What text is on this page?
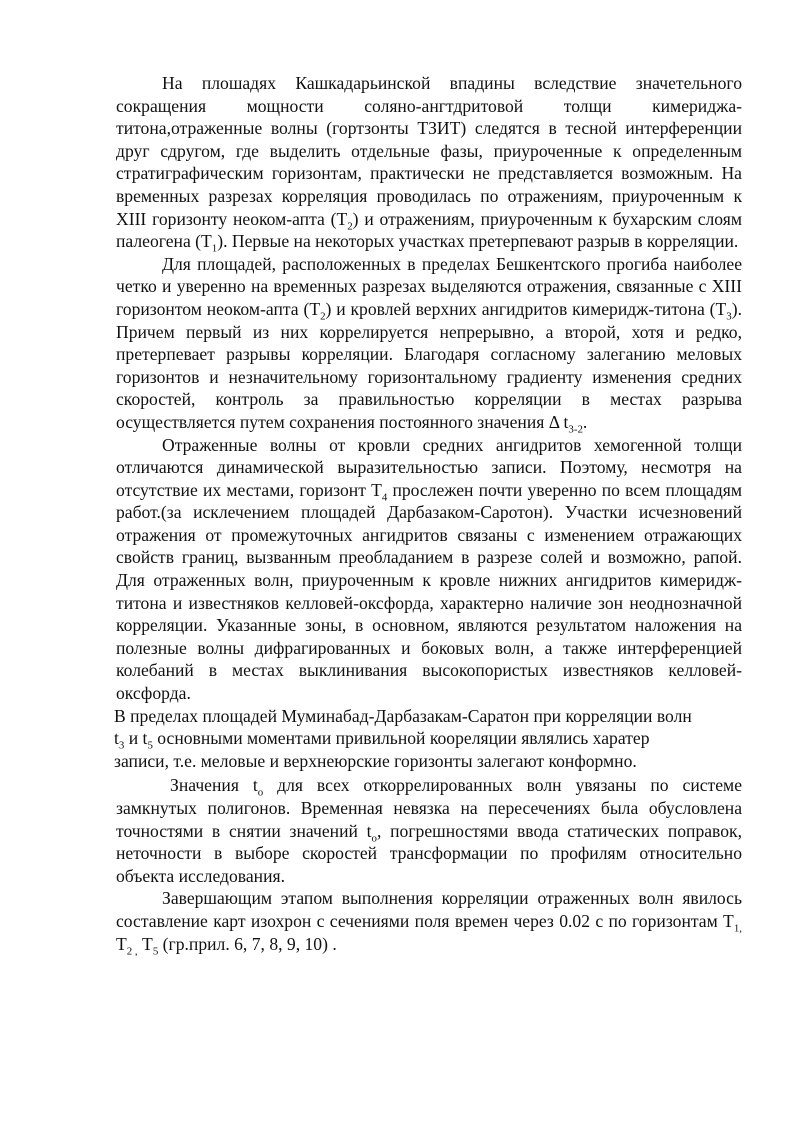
На плошадях Кашкадарьинской впадины вследствие значетельного сокращения мощности соляно-ангтдритовой толщи кимериджа-титона,отраженные волны (гортзонты ТЗИТ) следятся в тесной интерференции друг сдругом, где выделить отдельные фазы, приуроченные к определенным стратиграфическим горизонтам, практически не представляется возможным. На временных разрезах корреляция проводилась по отражениям, приуроченным к XIII горизонту неоком-апта $(Т_2)$ и отражениям, приуроченным к бухарским слоям палеогена $(Т_1)$. Первые на некоторых участках претерпевают разрыв в корреляции.

Для площадей, расположенных в пределах Бешкентского прогиба наиболее четко и уверенно на временных разрезах выделяются отражения, связанные с XIII горизонтом неоком-апта $(Т_2)$ и кровлей верхних ангидритов кимеридж-титона $(Т_3)$. Причем первый из них коррелируется непрерывно, а второй, хотя и редко, претерпевает разрывы корреляции. Благодаря согласному залеганию меловых горизонтов и незначительному горизонтальному градиенту изменения средних скоростей, контроль за правильностью корреляции в местах разрыва осуществляется путем сохранения постоянного значения Δ $t_{3-2}$.

Отраженные волны от кровли средних ангидритов хемогенной толщи отличаются динамической выразительностью записи. Поэтому, несмотря на отсутствие их местами, горизонт $Т_4$ прослежен почти уверенно по всем площадям работ.(за исклечением площадей Дарбазаком-Саротон). Участки исчезновений отражения от промежуточных ангидритов связаны с изменением отражающих свойств границ, вызванным преобладанием в разрезе солей и возможно, рапой. Для отраженных волн, приуроченным к кровле нижних ангидритов кимеридж-титона и известняков келловей-оксфорда, характерно наличие зон неоднозначной корреляции. Указанные зоны, в основном, являются результатом наложения на полезные волны дифрагированных и боковых волн, а также интерференцией колебаний в местах выклинивания высокопористых известняков келловей-оксфорда.

В пределах площадей Муминабад-Дарбазакам-Саратон при корреляции волн
$t_3$ и $t_5$ основными моментами привильной коореляции являлись харатер
записи, т.е. меловые и верхнеюрские горизонты залегают конформно.

Значения $t_o$ для всех откоррелированных волн увязаны по системе замкнутых полигонов. Временная невязка на пересечениях была обусловлена точностями в снятии значений $t_o$, погрешностями ввода статических поправок, неточности в выборе скоростей трансформации по профилям относительно объекта исследования.

Завершающим этапом выполнения корреляции отраженных волн явилось составление карт изохрон с сечениями поля времен через 0.02 с по горизонтам $Т_{1,}$ $Т_{2 ,}$ $Т_5$ (гр.прил. 6, 7, 8, 9, 10) .
